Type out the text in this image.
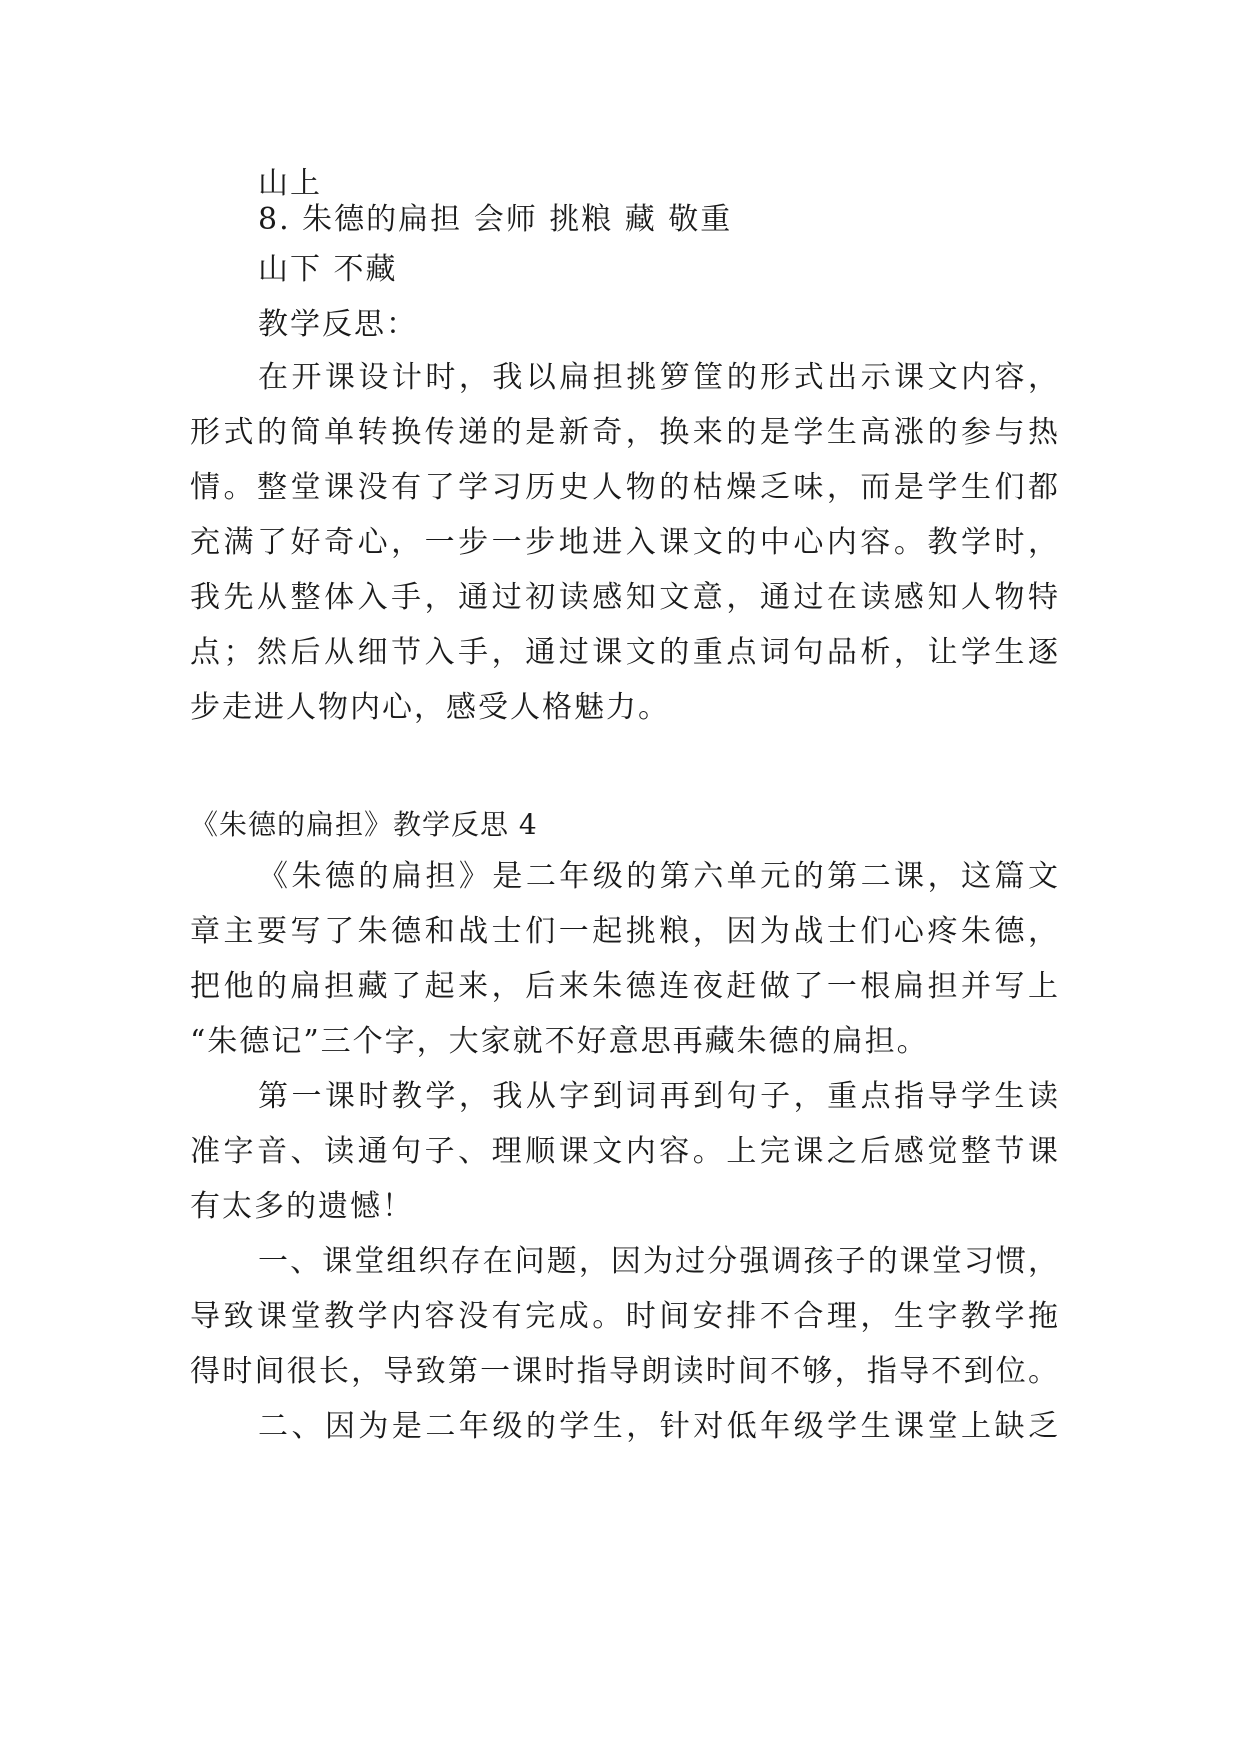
山上
8. 朱德的扁担 会师 挑粮 藏 敬重
山下 不藏
教学反思：
在开课设计时，我以扁担挑箩筐的形式出示课文内容，
形式的简单转换传递的是新奇，换来的是学生高涨的参与热
情。整堂课没有了学习历史人物的枯燥乏味，而是学生们都
充满了好奇心，一步一步地进入课文的中心内容。教学时，
我先从整体入手，通过初读感知文意，通过在读感知人物特
点；然后从细节入手，通过课文的重点词句品析，让学生逐
步走进人物内心，感受人格魅力。
《朱德的扁担》教学反思 4
《朱德的扁担》是二年级的第六单元的第二课，这篇文
章主要写了朱德和战士们一起挑粮，因为战士们心疼朱德，
把他的扁担藏了起来，后来朱德连夜赶做了一根扁担并写上
“朱德记”三个字，大家就不好意思再藏朱德的扁担。
第一课时教学，我从字到词再到句子，重点指导学生读
准字音、读通句子、理顺课文内容。上完课之后感觉整节课
有太多的遗憾！
一、课堂组织存在问题，因为过分强调孩子的课堂习惯，
导致课堂教学内容没有完成。时间安排不合理，生字教学拖
得时间很长，导致第一课时指导朗读时间不够，指导不到位。
二、因为是二年级的学生，针对低年级学生课堂上缺乏
